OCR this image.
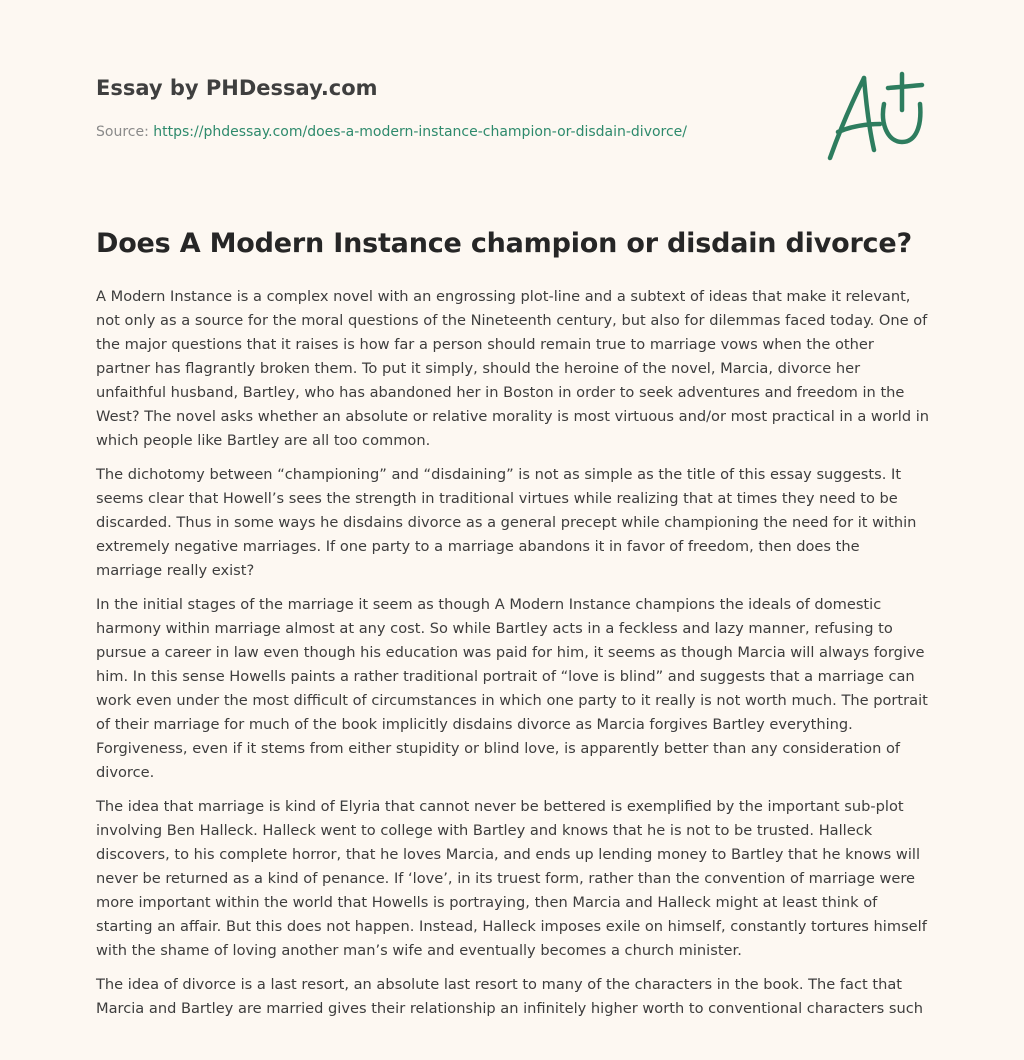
Essay by PHDessay.com
Source: https://phdessay.com/does-a-modern-instance-champion-or-disdain-divorce/
Does A Modern Instance champion or disdain divorce?

A Modern Instance is a complex novel with an engrossing plot-line and a subtext of ideas that make it relevant, not only as a source for the moral questions of the Nineteenth century, but also for dilemmas faced today. One of the major questions that it raises is how far a person should remain true to marriage vows when the other partner has flagrantly broken them. To put it simply, should the heroine of the novel, Marcia, divorce her unfaithful husband, Bartley, who has abandoned her in Boston in order to seek adventures and freedom in the West? The novel asks whether an absolute or relative morality is most virtuous and/or most practical in a world in which people like Bartley are all too common.

The dichotomy between “championing” and “disdaining” is not as simple as the title of this essay suggests. It seems clear that Howell’s sees the strength in traditional virtues while realizing that at times they need to be discarded. Thus in some ways he disdains divorce as a general precept while championing the need for it within extremely negative marriages. If one party to a marriage abandons it in favor of freedom, then does the marriage really exist?

In the initial stages of the marriage it seem as though A Modern Instance champions the ideals of domestic harmony within marriage almost at any cost. So while Bartley acts in a feckless and lazy manner, refusing to pursue a career in law even though his education was paid for him, it seems as though Marcia will always forgive him. In this sense Howells paints a rather traditional portrait of “love is blind” and suggests that a marriage can work even under the most difficult of circumstances in which one party to it really is not worth much. The portrait of their marriage for much of the book implicitly disdains divorce as Marcia forgives Bartley everything. Forgiveness, even if it stems from either stupidity or blind love, is apparently better than any consideration of divorce.

The idea that marriage is kind of Elyria that cannot never be bettered is exemplified by the important sub-plot involving Ben Halleck. Halleck went to college with Bartley and knows that he is not to be trusted. Halleck discovers, to his complete horror, that he loves Marcia, and ends up lending money to Bartley that he knows will never be returned as a kind of penance. If ‘love’, in its truest form, rather than the convention of marriage were more important within the world that Howells is portraying, then Marcia and Halleck might at least think of starting an affair. But this does not happen. Instead, Halleck imposes exile on himself, constantly tortures himself with the shame of loving another man’s wife and eventually becomes a church minister.

The idea of divorce is a last resort, an absolute last resort to many of the characters in the book. The fact that Marcia and Bartley are married gives their relationship an infinitely higher worth to conventional characters such
